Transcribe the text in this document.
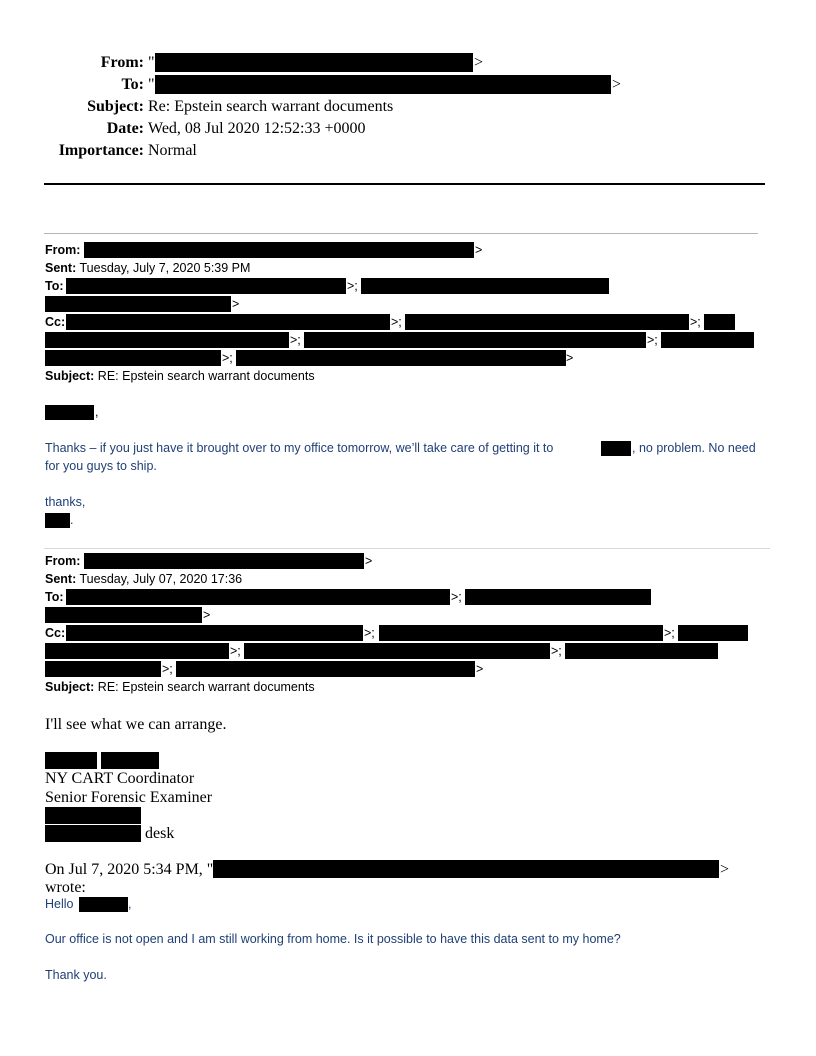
From: "	>
To: "	>
Subject: Re: Epstein search warrant documents
Date: Wed, 08 Jul 2020 12:52:33 +0000
Importance: Normal
From:	>
Sent: Tuesday, July 7, 2020 5:39 PM
To:	>;
>
Cc:	>;	>;
>;	>;
>;	>
Subject: RE: Epstein search warrant documents
,
Thanks – if you just have it brought over to my office tomorrow, we’ll take care of getting it to	, no problem. No need
for you guys to ship.
thanks,
.
From:	>
Sent: Tuesday, July 07, 2020 17:36
To:	>;
>
Cc:	>;	>;
>;	>;
>;	>
Subject: RE: Epstein search warrant documents
I'll see what we can arrange.
NY CART Coordinator
Senior Forensic Examiner
desk
On Jul 7, 2020 5:34 PM, "	>
wrote:
Hello	,
Our office is not open and I am still working from home. Is it possible to have this data sent to my home?
Thank you.
